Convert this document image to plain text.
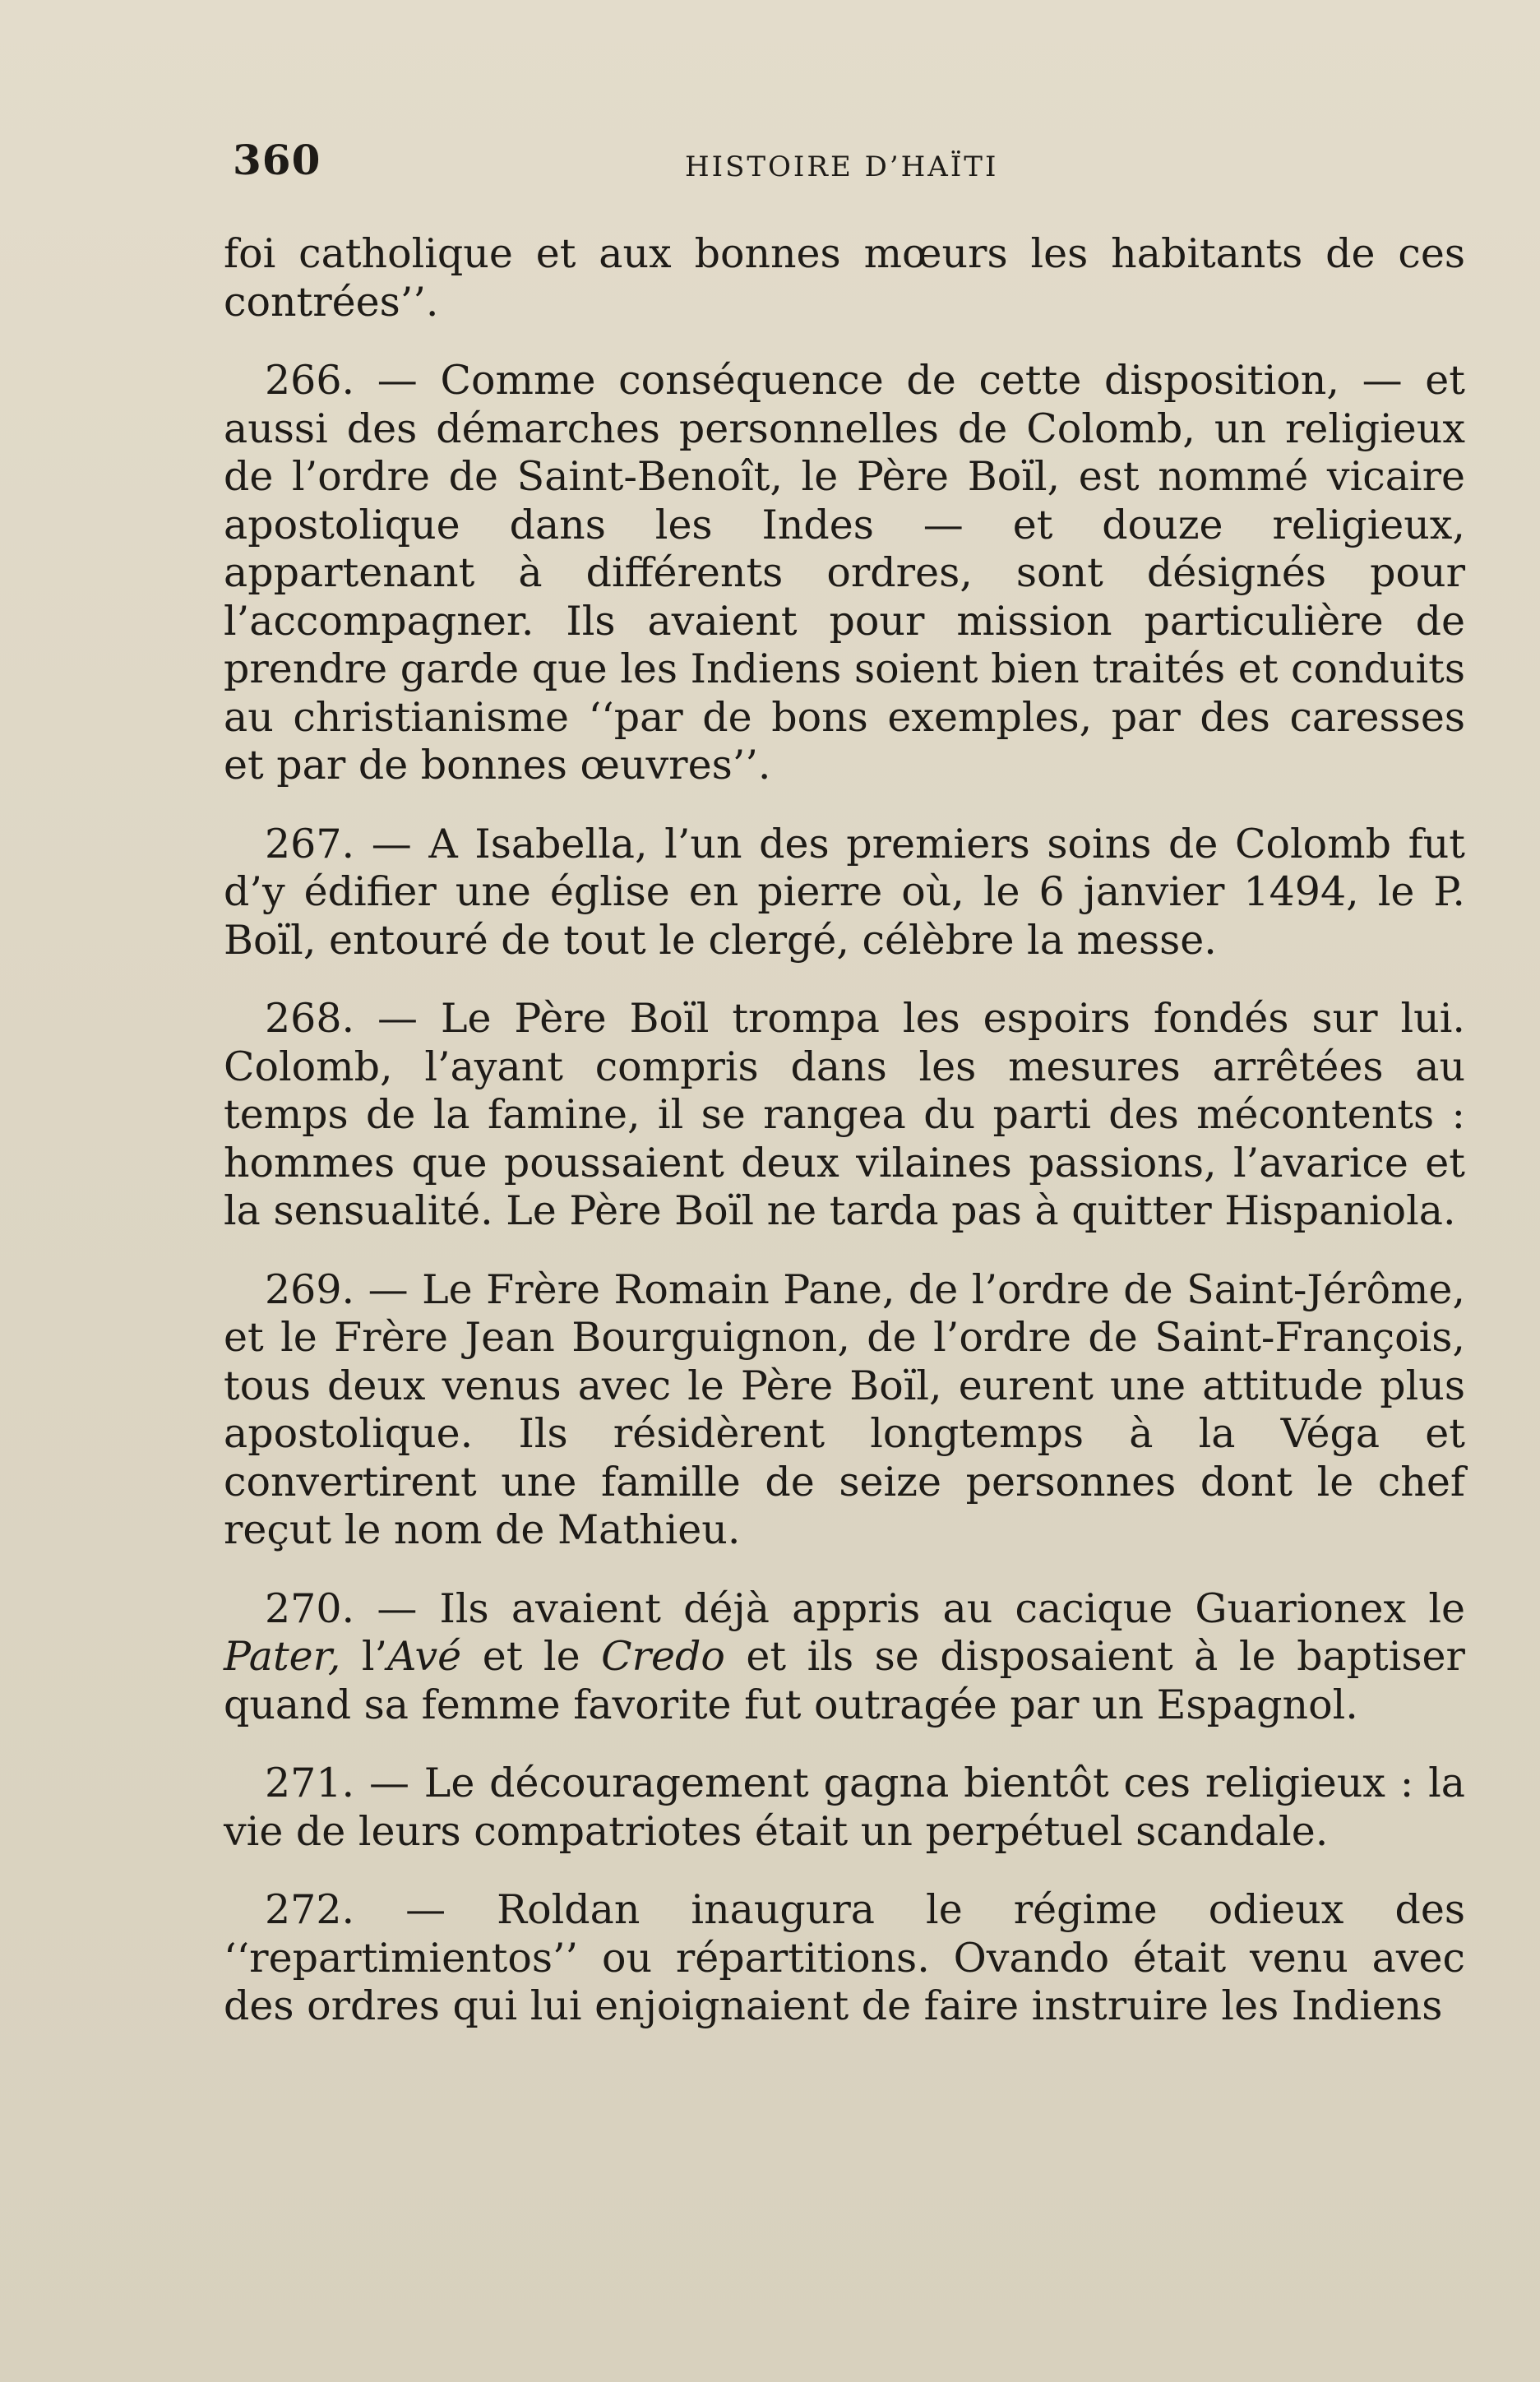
360	HISTOIRE D’HAÏTI

foi catholique et aux bonnes mœurs les habitants de ces contrées’’.

266. — Comme conséquence de cette disposition, — et aussi des démarches personnelles de Colomb, un religieux de l’ordre de Saint-Benoît, le Père Boïl, est nommé vicaire apostolique dans les Indes — et douze religieux, appartenant à différents ordres, sont désignés pour l’accompagner. Ils avaient pour mission particulière de prendre garde que les Indiens soient bien traités et conduits au christianisme ‘‘par de bons exemples, par des caresses et par de bonnes œuvres’’.

267. — A Isabella, l’un des premiers soins de Colomb fut d’y édifier une église en pierre où, le 6 janvier 1494, le P. Boïl, entouré de tout le clergé, célèbre la messe.

268. — Le Père Boïl trompa les espoirs fondés sur lui. Colomb, l’ayant compris dans les mesures arrêtées au temps de la famine, il se rangea du parti des mécontents : hommes que poussaient deux vilaines passions, l’avarice et la sensualité. Le Père Boïl ne tarda pas à quitter Hispaniola.

269. — Le Frère Romain Pane, de l’ordre de Saint-Jérôme, et le Frère Jean Bourguignon, de l’ordre de Saint-François, tous deux venus avec le Père Boïl, eurent une attitude plus apostolique. Ils résidèrent longtemps à la Véga et convertirent une famille de seize personnes dont le chef reçut le nom de Mathieu.

270. — Ils avaient déjà appris au cacique Guarionex le Pater, l’Avé et le Credo et ils se disposaient à le baptiser quand sa femme favorite fut outragée par un Espagnol.

271. — Le découragement gagna bientôt ces religieux : la vie de leurs compatriotes était un perpétuel scandale.

272. — Roldan inaugura le régime odieux des ‘‘repartimientos’’ ou répartitions. Ovando était venu avec des ordres qui lui enjoignaient de faire instruire les Indiens
